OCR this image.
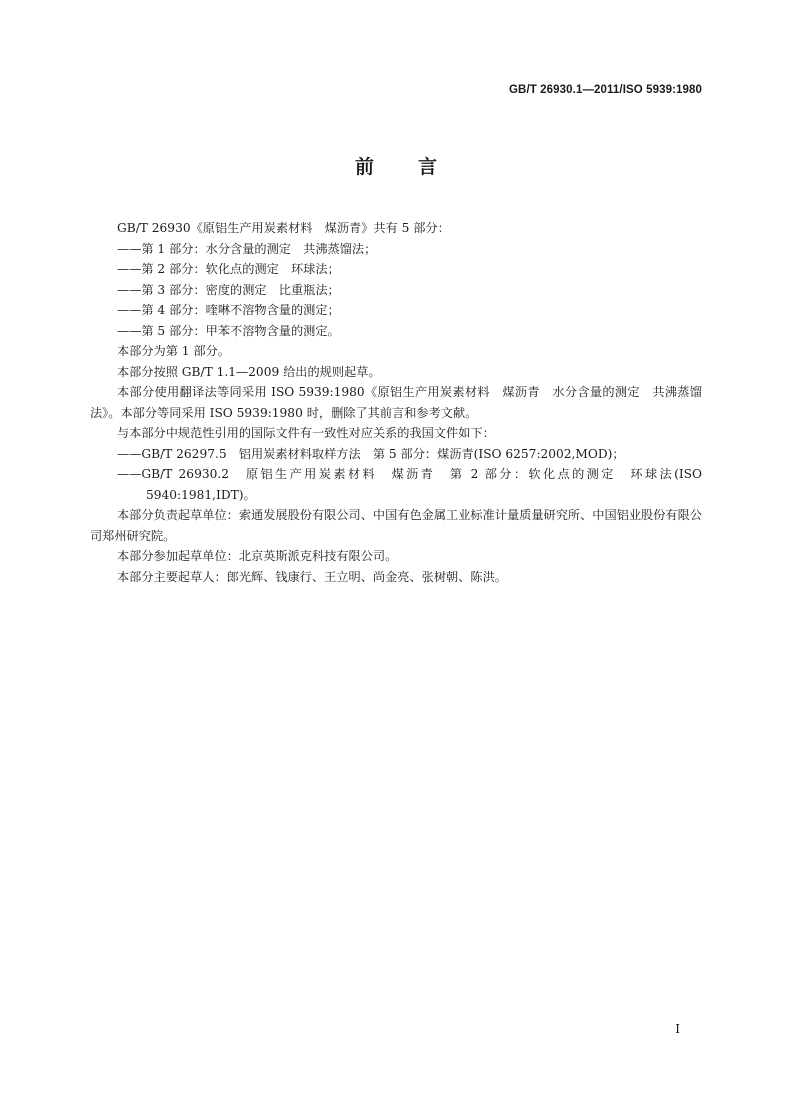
GB/T 26930.1—2011/ISO 5939:1980
前 言

GB/T 26930《原铝生产用炭素材料　煤沥青》共有 5 部分：

——第 1 部分：水分含量的测定　共沸蒸馏法；

——第 2 部分：软化点的测定　环球法；

——第 3 部分：密度的测定　比重瓶法；

——第 4 部分：喹啉不溶物含量的测定；

——第 5 部分：甲苯不溶物含量的测定。

本部分为第 1 部分。

本部分按照 GB/T 1.1—2009 给出的规则起草。

本部分使用翻译法等同采用 ISO 5939:1980《原铝生产用炭素材料　煤沥青　水分含量的测定　共沸蒸馏法》。本部分等同采用 ISO 5939:1980 时，删除了其前言和参考文献。

与本部分中规范性引用的国际文件有一致性对应关系的我国文件如下：

——GB/T 26297.5　铝用炭素材料取样方法　第 5 部分：煤沥青(ISO 6257:2002,MOD)；

——GB/T 26930.2　原铝生产用炭素材料　煤沥青　第 2 部分：软化点的测定　环球法(ISO 5940:1981,IDT)。

本部分负责起草单位：索通发展股份有限公司、中国有色金属工业标准计量质量研究所、中国铝业股份有限公司郑州研究院。

本部分参加起草单位：北京英斯派克科技有限公司。

本部分主要起草人：郎光辉、钱康行、王立明、尚金亮、张树朝、陈洪。

I
